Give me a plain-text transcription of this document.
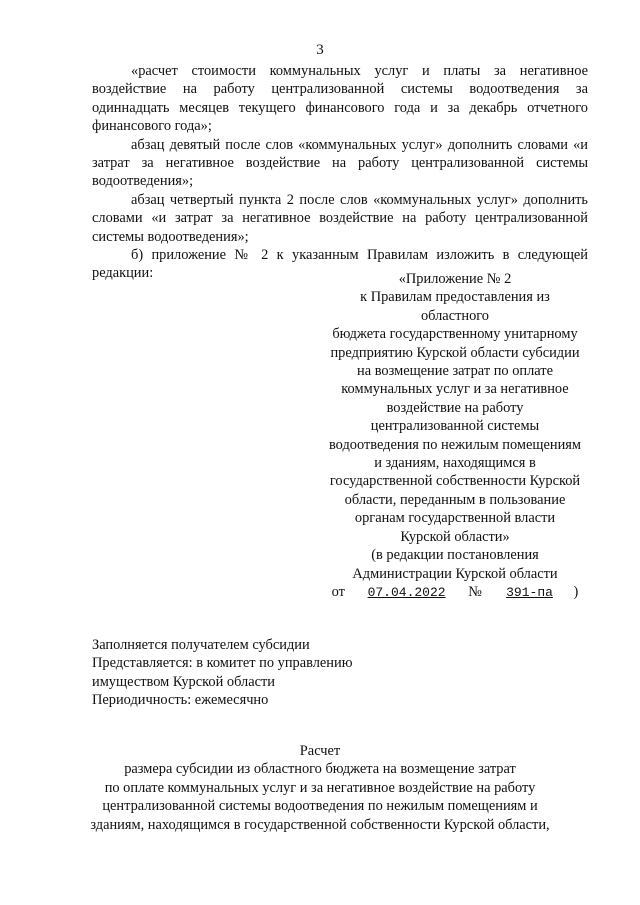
3

«расчет стоимости коммунальных услуг и платы за негативное воздействие на работу централизованной системы водоотведения за одиннадцать месяцев текущего финансового года и за декабрь отчетного финансового года»;

абзац девятый после слов «коммунальных услуг» дополнить словами «и затрат за негативное воздействие на работу централизованной системы водоотведения»;

абзац четвертый пункта 2 после слов «коммунальных услуг» дополнить словами «и затрат за негативное воздействие на работу централизованной системы водоотведения»;

б) приложение № 2 к указанным Правилам изложить в следующей редакции:	«Приложение № 2
к Правилам предоставления из
областного
бюджета государственному унитарному
предприятию Курской области субсидии
на возмещение затрат по оплате
коммунальных услуг и за негативное
воздействие на работу
централизованной системы
водоотведения по нежилым помещениям
и зданиям, находящимся в
государственной собственности Курской
области, переданным в пользование
органам государственной власти
Курской области»
(в редакции постановления
Администрации Курской области
от 07.04.2022 № 391-па )
Заполняется получателем субсидии
Представляется: в комитет по управлению
имуществом Курской области
Периодичность: ежемесячно
Расчет
размера субсидии из областного бюджета на возмещение затрат
по оплате коммунальных услуг и за негативное воздействие на работу
централизованной системы водоотведения по нежилым помещениям и
зданиям, находящимся в государственной собственности Курской области,
